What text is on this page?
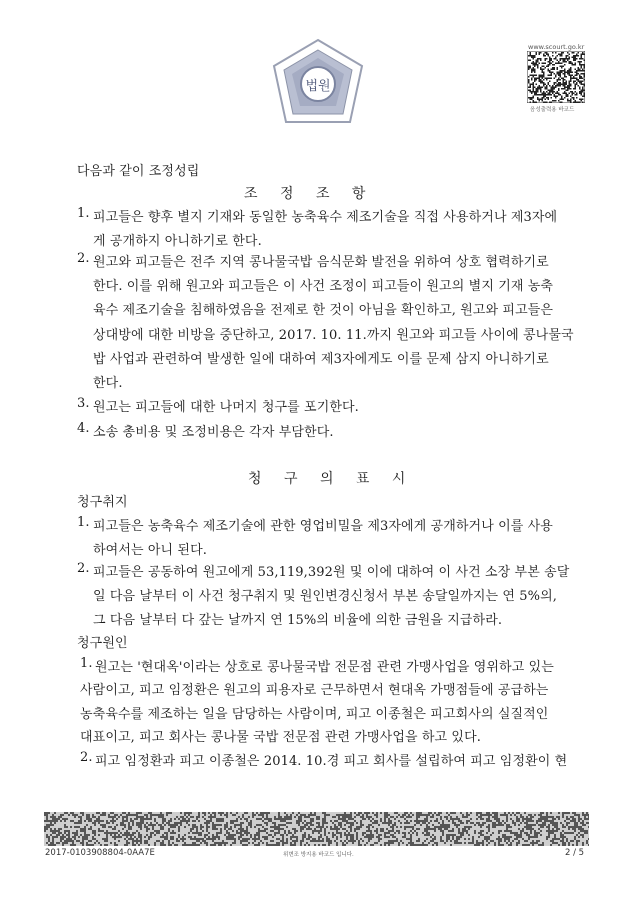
법원
www.scourt.go.kr
음성출력용 바코드
다음과 같이 조정성립
조 정 조 항
1. 피고들은 향후 별지 기재와 동일한 농축육수 제조기술을 직접 사용하거나 제3자에
게 공개하지 아니하기로 한다.
2. 원고와 피고들은 전주 지역 콩나물국밥 음식문화 발전을 위하여 상호 협력하기로
한다. 이를 위해 원고와 피고들은 이 사건 조정이 피고들이 원고의 별지 기재 농축
육수 제조기술을 침해하였음을 전제로 한 것이 아님을 확인하고, 원고와 피고들은
상대방에 대한 비방을 중단하고, 2017. 10. 11.까지 원고와 피고들 사이에 콩나물국
밥 사업과 관련하여 발생한 일에 대하여 제3자에게도 이를 문제 삼지 아니하기로
한다.
3. 원고는 피고들에 대한 나머지 청구를 포기한다.
4. 소송 총비용 및 조정비용은 각자 부담한다.
청 구 의 표 시
청구취지
1. 피고들은 농축육수 제조기술에 관한 영업비밀을 제3자에게 공개하거나 이를 사용
하여서는 아니 된다.
2. 피고들은 공동하여 원고에게 53,119,392원 및 이에 대하여 이 사건 소장 부본 송달
일 다음 날부터 이 사건 청구취지 및 원인변경신청서 부본 송달일까지는 연 5%의,
그 다음 날부터 다 갚는 날까지 연 15%의 비율에 의한 금원을 지급하라.
청구원인
1. 원고는 '현대옥'이라는 상호로 콩나물국밥 전문점 관련 가맹사업을 영위하고 있는
사람이고, 피고 임정환은 원고의 피용자로 근무하면서 현대옥 가맹점들에 공급하는
농축육수를 제조하는 일을 담당하는 사람이며, 피고 이종철은 피고회사의 실질적인
대표이고, 피고 회사는 콩나물 국밥 전문점 관련 가맹사업을 하고 있다.
2. 피고 임정환과 피고 이종철은 2014. 10.경 피고 회사를 설립하여 피고 임정환이 현
2017-0103908804-0AA7E	위변조 방지용 바코드 입니다.	2 / 5
